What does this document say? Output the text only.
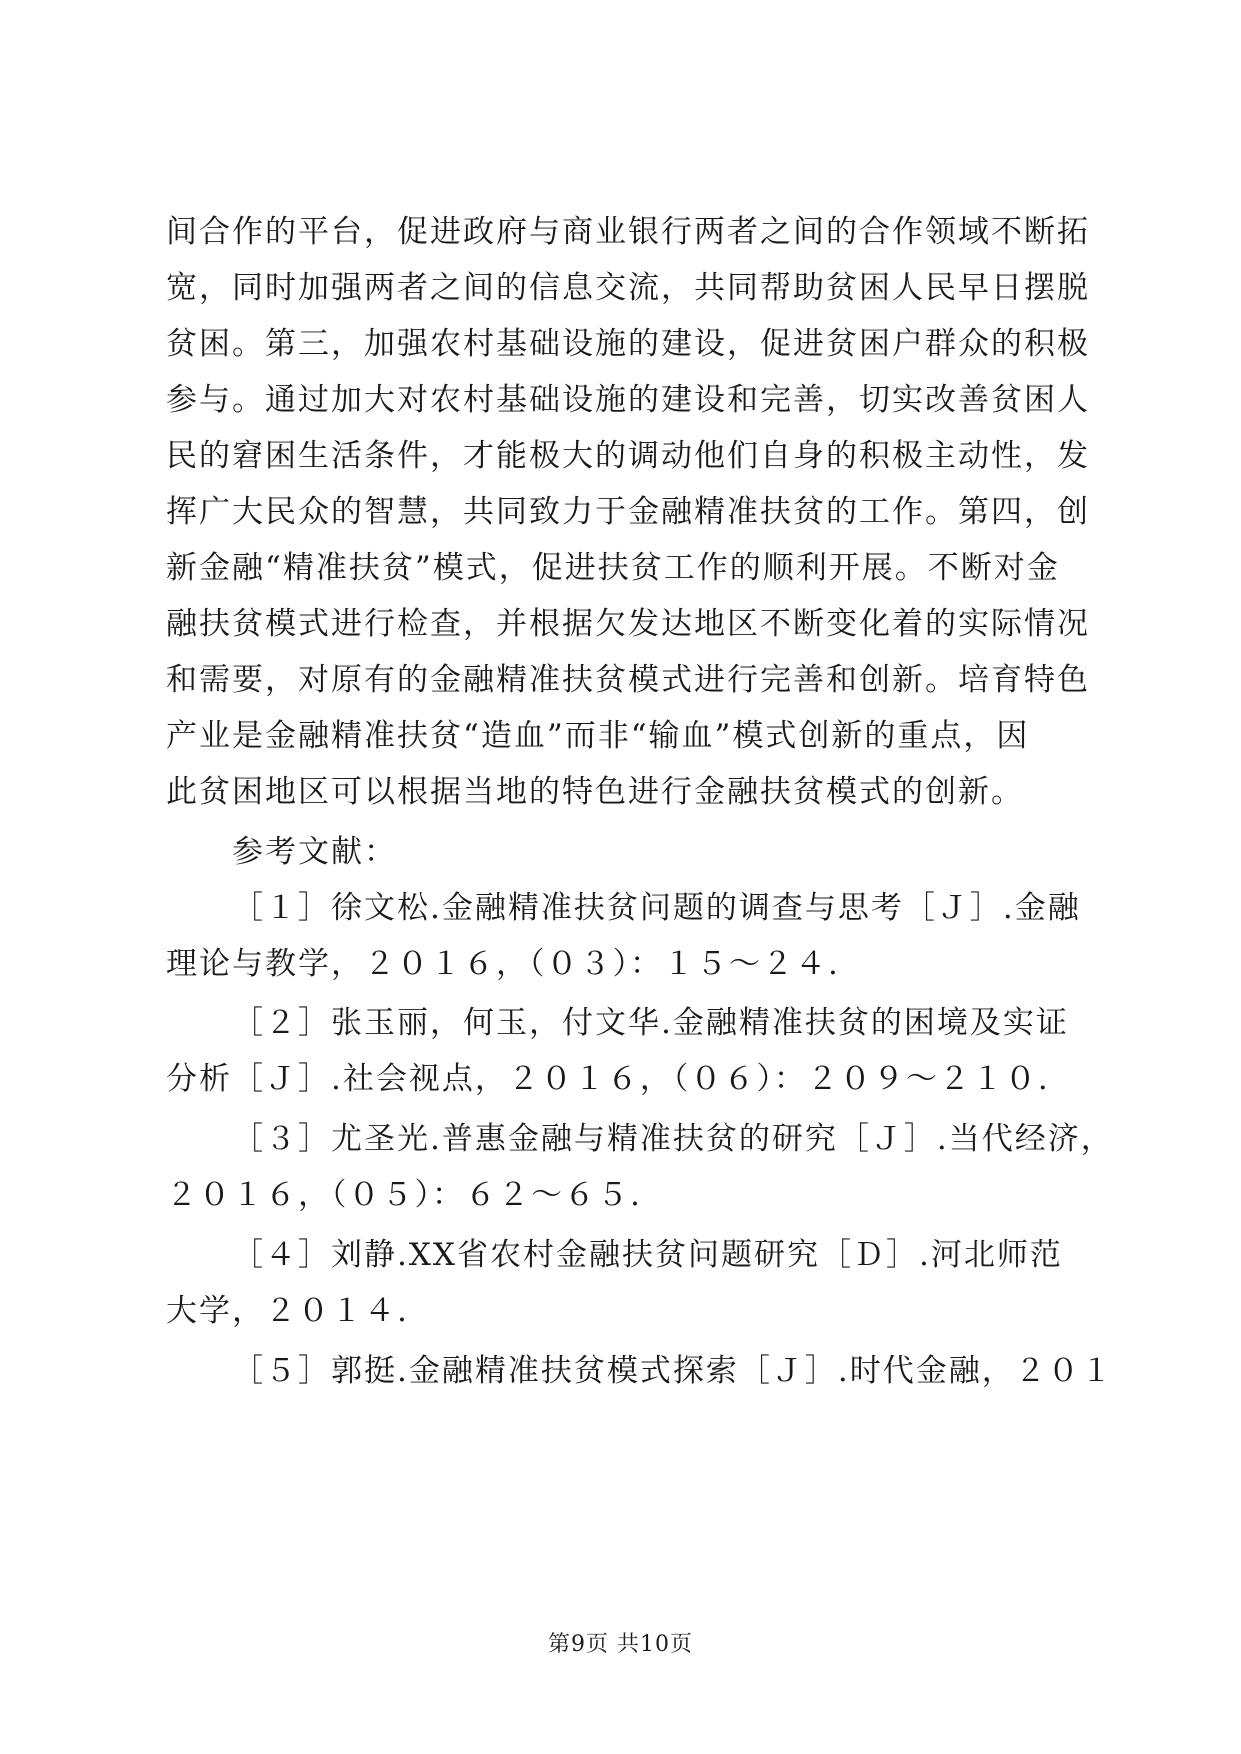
间合作的平台，促进政府与商业银行两者之间的合作领域不断拓
宽，同时加强两者之间的信息交流，共同帮助贫困人民早日摆脱
贫困。第三，加强农村基础设施的建设，促进贫困户群众的积极
参与。通过加大对农村基础设施的建设和完善，切实改善贫困人
民的窘困生活条件，才能极大的调动他们自身的积极主动性，发
挥广大民众的智慧，共同致力于金融精准扶贫的工作。第四，创
新金融“精准扶贫”模式，促进扶贫工作的顺利开展。不断对金
融扶贫模式进行检查，并根据欠发达地区不断变化着的实际情况
和需要，对原有的金融精准扶贫模式进行完善和创新。培育特色
产业是金融精准扶贫“造血”而非“输血”模式创新的重点，因
此贫困地区可以根据当地的特色进行金融扶贫模式的创新。
参考文献：
［１］徐文松.金融精准扶贫问题的调查与思考［Ｊ］.金融
理论与教学，２０１６，（０３）：１５～２４.
［２］张玉丽，何玉，付文华.金融精准扶贫的困境及实证
分析［Ｊ］.社会视点，２０１６，（０６）：２０９～２１０.
［３］尤圣光.普惠金融与精准扶贫的研究［Ｊ］.当代经济，
２０１６，（０５）：６２～６５.
［４］刘静.XX省农村金融扶贫问题研究［Ｄ］.河北师范
大学，２０１４.
［５］郭挺.金融精准扶贫模式探索［Ｊ］.时代金融，２０１
第9页 共10页
